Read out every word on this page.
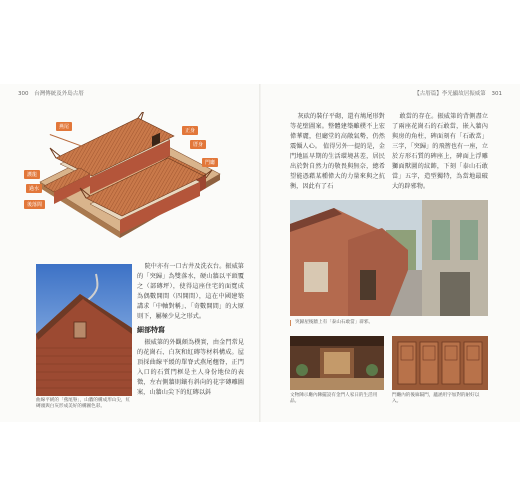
300 台灣傳統及外島古厝	【古厝篇】李光顯故居振威第 301
燕尾
正身
厝身
門廳
護龍
過水
後落間
曲線平緩的「燕尾脊」，山牆的構成形山尖，紅磚頭與白灰形成美好的構圖色彩。

院中亦有一口古井及洗衣台。振威第的「突歸」為雙落水，硬山牆以平頭覆之（部磚坪），使得這座住宅的面寬成為偶數開間（四開間），這在中國建築講求「中軸對稱」、「奇數開間」的大原則下，屬極少見之形式。

細部特寫

振威第的外觀頗為樸實，由金門常見的花崗石、白灰和紅磚等材料構成。屋頂採曲線平緩的單脊式燕尾翹脊，正門入口的石質門框是主人身份地位的表徵，左右側牆則鑲有斜向的花字磚雕圖案，山牆山尖下的紅磚以鈄

灰砍的裝仔平砌，還有鳩尾形對等花壁圖案。整體建築雖樸不上宏偉華麗，但廳堂的高敞氣勢，仍然震懾人心。 值得另外一提的是，金門地區早期的生活環境甚差，居民出於對自然力的敬畏與無奈，總希望能憑藉某種偉大的力量來與之抗衡，因此有了石

敢當的存在。振威第的背側盡立了兩座花崗石的石敢當，嵌入牆內與房的角柱，碑面刻有「石敢當」三字，「突歸」的飛簷也有一座，立於方形石質的碑座上，碑面上浮雕獅面獸圖的紋飾，下刻「泰山石敢當」五字，造型獨特，為當地最破大的辟邪物。

突歸屋後牆上有「泰山石敢當」辟邪。
文物陳示廳內陳擺設有金門人家日的生活用品。
門廳內的後廊隔門，蘊涵用字加對的耐好以入。
